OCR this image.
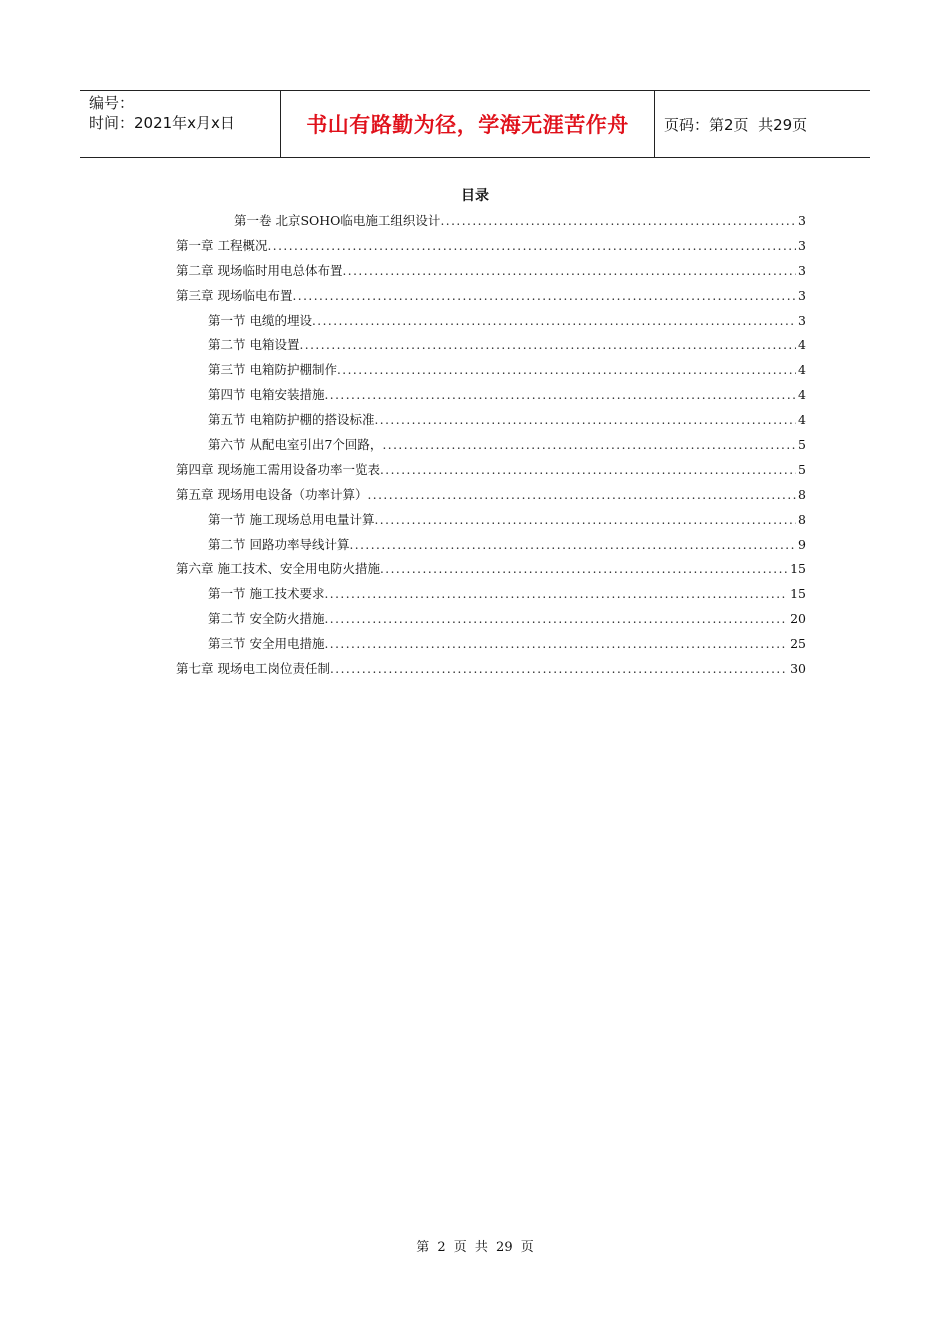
编号：
时间：2021年x月x日	书山有路勤为径，学海无涯苦作舟 页码：第2页  共29页
目录
第一卷 北京SOHO临电施工组织设计 .....	3
第一章 工程概况 .....	3
第二章 现场临时用电总体布置 .....	3
第三章 现场临电布置 .....	3
第一节 电缆的埋设 .....	3
第二节 电箱设置 .....	4
第三节 电箱防护棚制作 .....	4
第四节 电箱安装措施 .....	4
第五节 电箱防护棚的搭设标准 .....	4
第六节 从配电室引出7个回路， .....	5
第四章 现场施工需用设备功率一览表 .....	5
第五章 现场用电设备（功率计算） .....	8
第一节 施工现场总用电量计算 .....	8
第二节 回路功率导线计算 .....	9
第六章 施工技术、安全用电防火措施 .....	15
第一节 施工技术要求 .....	15
第二节 安全防火措施 .....	20
第三节 安全用电措施 .....	25
第七章 现场电工岗位责任制 .....	30
第 2 页 共 29 页
